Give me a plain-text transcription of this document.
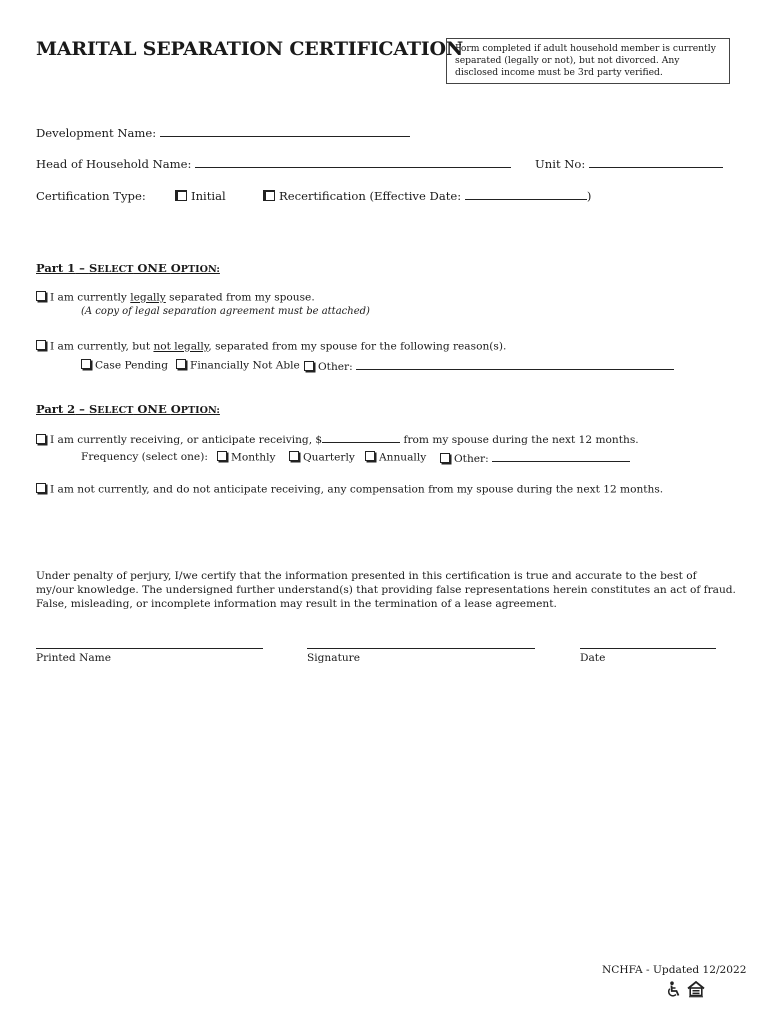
MARITAL SEPARATION CERTIFICATION
Form completed if adult household member is currently separated (legally or not), but not divorced. Any disclosed income must be 3rd party verified.
Development Name:
Head of Household Name:	Unit No:
Certification Type:	Initial	Recertification (Effective Date:	)
Part 1 – SELECT ONE OPTION:
I am currently legally separated from my spouse.
(A copy of legal separation agreement must be attached)
I am currently, but not legally, separated from my spouse for the following reason(s).
Case Pending	Financially Not Able	Other:
Part 2 – SELECT ONE OPTION:
I am currently receiving, or anticipate receiving, $	from my spouse during the next 12 months.
Frequency (select one):	Monthly	Quarterly	Annually	Other:
I am not currently, and do not anticipate receiving, any compensation from my spouse during the next 12 months.
Under penalty of perjury, I/we certify that the information presented in this certification is true and accurate to the best of my/our knowledge. The undersigned further understand(s) that providing false representations herein constitutes an act of fraud. False, misleading, or incomplete information may result in the termination of a lease agreement.
Printed Name	Signature	Date
NCHFA - Updated 12/2022
